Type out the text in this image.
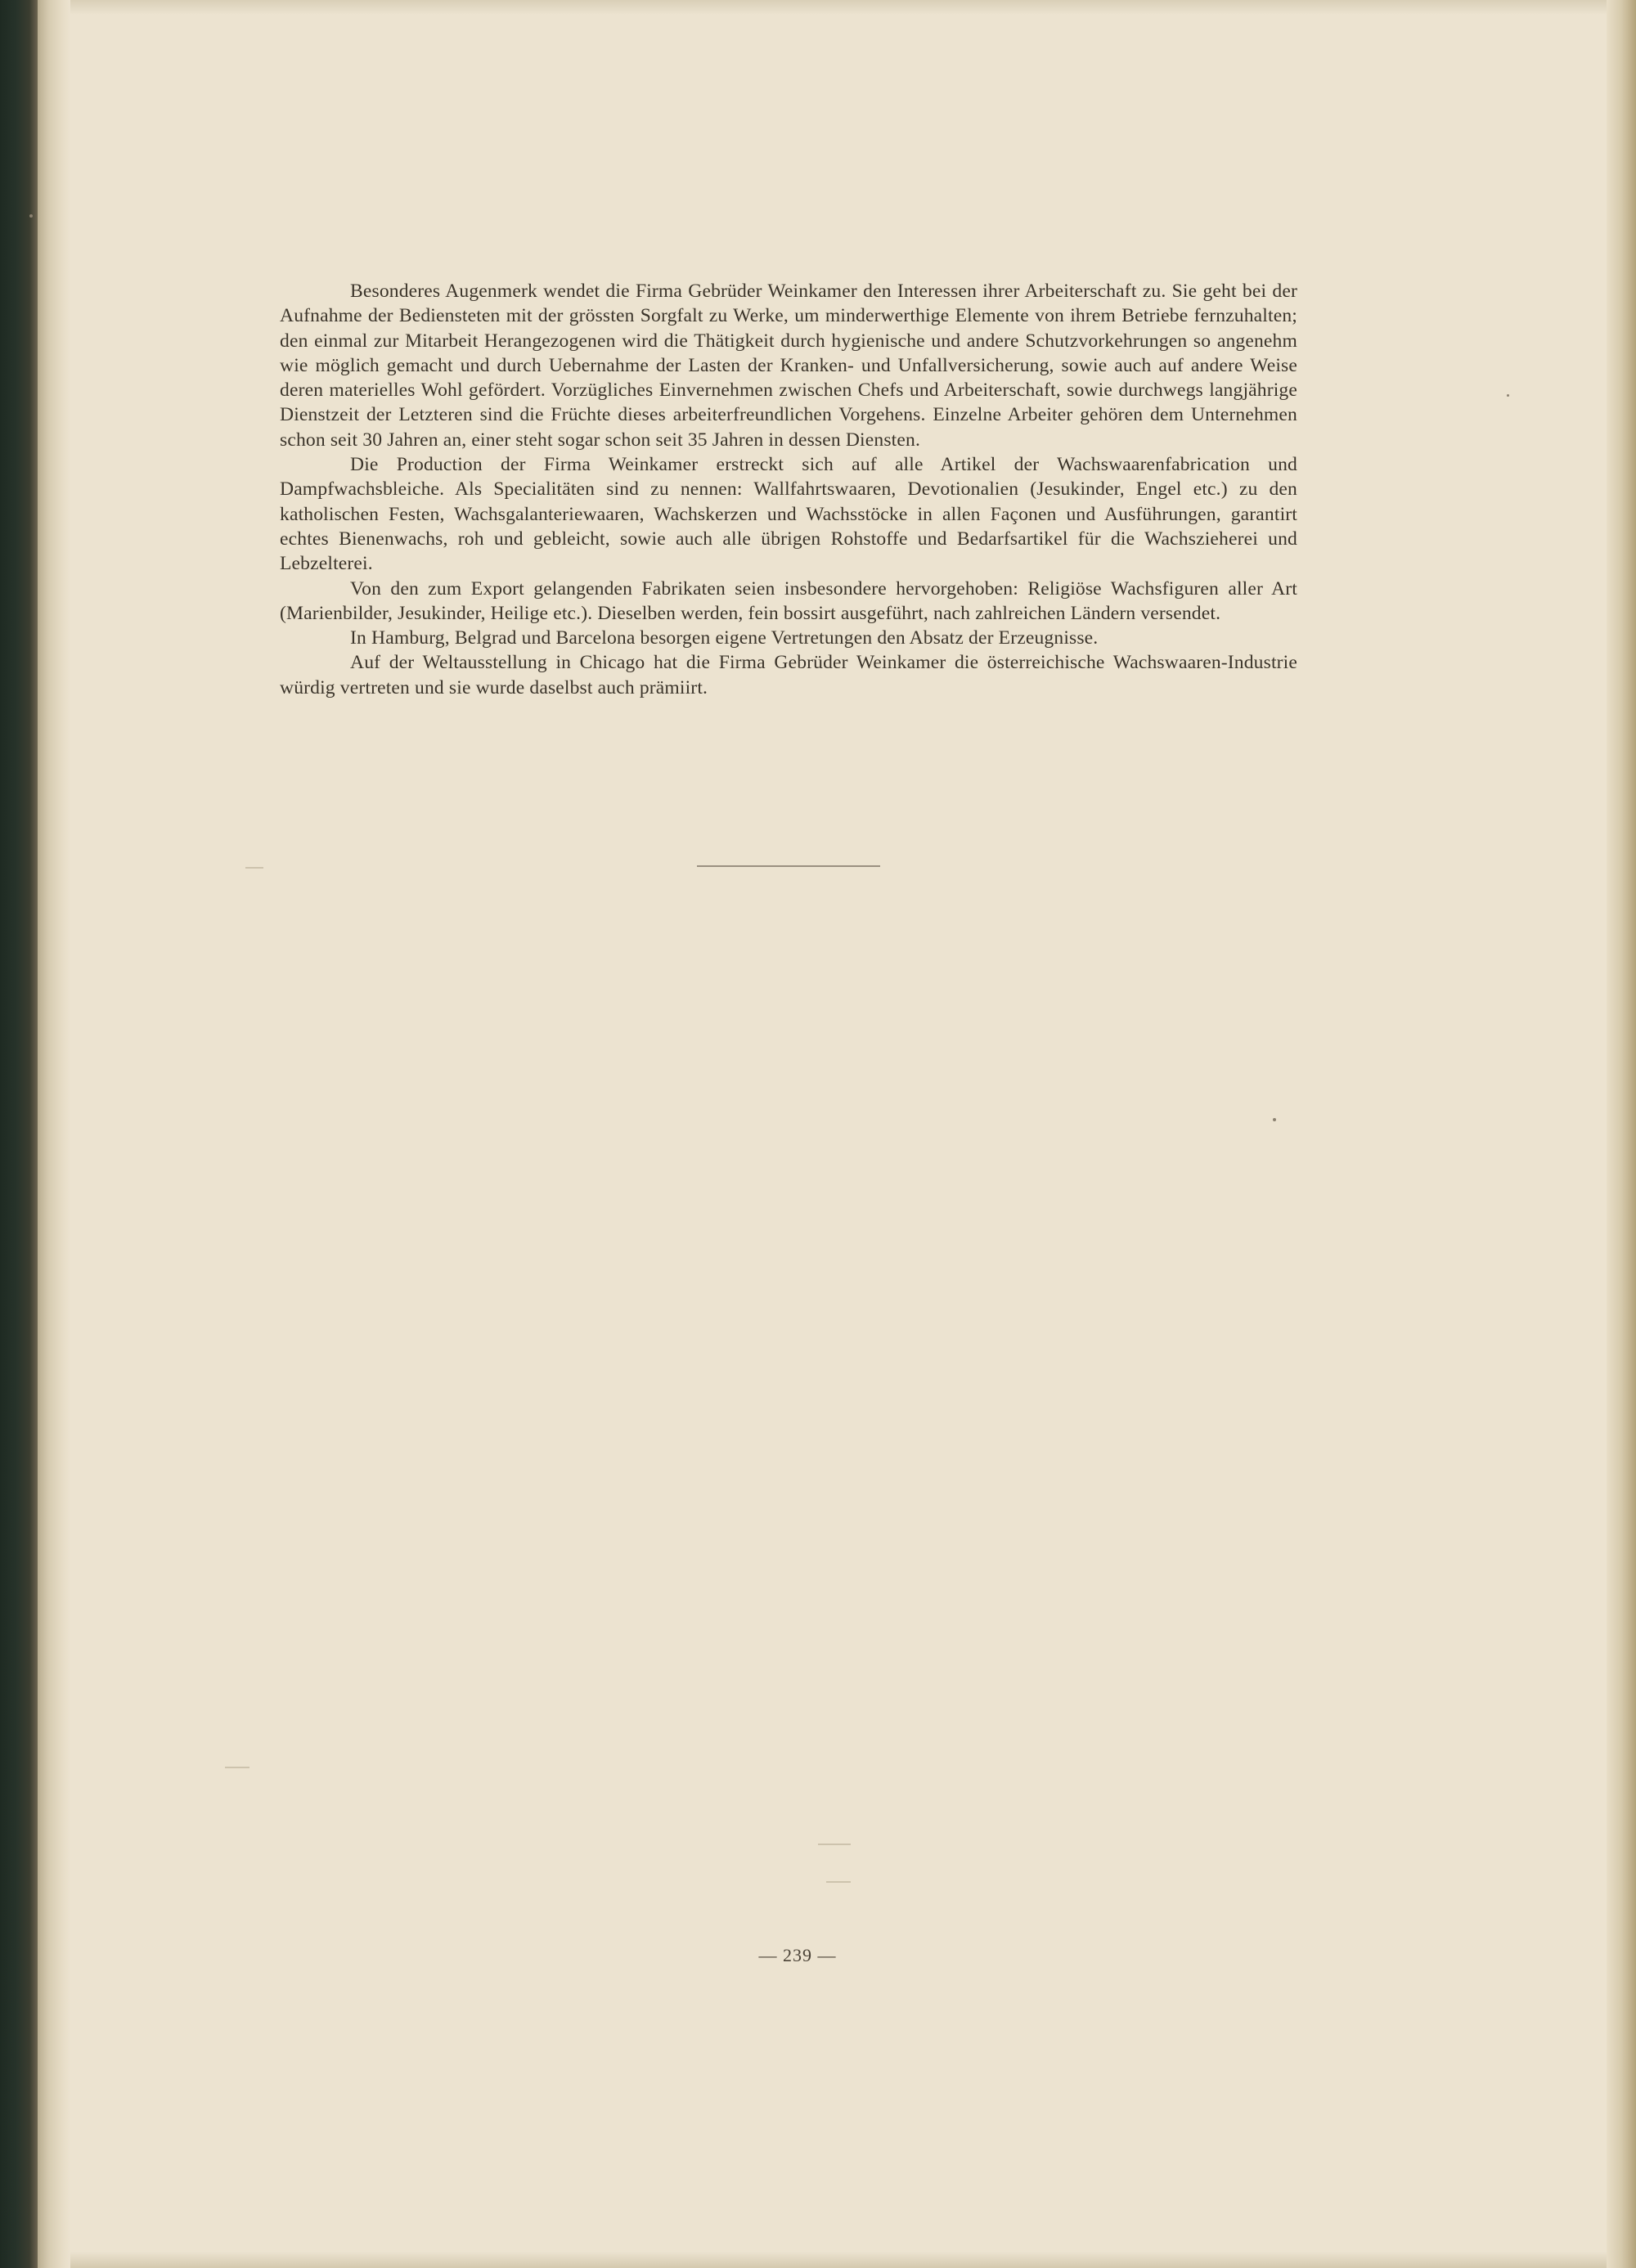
Besonderes Augenmerk wendet die Firma Gebrüder Weinkamer den Interessen ihrer Arbeiterschaft zu. Sie geht bei der Aufnahme der Bediensteten mit der grössten Sorgfalt zu Werke, um minderwerthige Elemente von ihrem Betriebe fernzuhalten; den einmal zur Mitarbeit Herangezogenen wird die Thätigkeit durch hygienische und andere Schutzvorkehrungen so angenehm wie möglich gemacht und durch Uebernahme der Lasten der Kranken- und Unfallversicherung, sowie auch auf andere Weise deren materielles Wohl gefördert. Vorzügliches Einvernehmen zwischen Chefs und Arbeiterschaft, sowie durchwegs langjährige Dienstzeit der Letzteren sind die Früchte dieses arbeiterfreundlichen Vorgehens. Einzelne Arbeiter gehören dem Unternehmen schon seit 30 Jahren an, einer steht sogar schon seit 35 Jahren in dessen Diensten.

Die Production der Firma Weinkamer erstreckt sich auf alle Artikel der Wachswaarenfabrication und Dampfwachsbleiche. Als Specialitäten sind zu nennen: Wallfahrtswaaren, Devotionalien (Jesukinder, Engel etc.) zu den katholischen Festen, Wachsgalanteriewaaren, Wachskerzen und Wachsstöcke in allen Façonen und Ausführungen, garantirt echtes Bienenwachs, roh und gebleicht, sowie auch alle übrigen Rohstoffe und Bedarfsartikel für die Wachszieherei und Lebzelterei.

Von den zum Export gelangenden Fabrikaten seien insbesondere hervorgehoben: Religiöse Wachsfiguren aller Art (Marienbilder, Jesukinder, Heilige etc.). Dieselben werden, fein bossirt ausgeführt, nach zahlreichen Ländern versendet.

In Hamburg, Belgrad und Barcelona besorgen eigene Vertretungen den Absatz der Erzeugnisse.

Auf der Weltausstellung in Chicago hat die Firma Gebrüder Weinkamer die österreichische Wachswaaren-Industrie würdig vertreten und sie wurde daselbst auch prämiirt.

— 239 —
